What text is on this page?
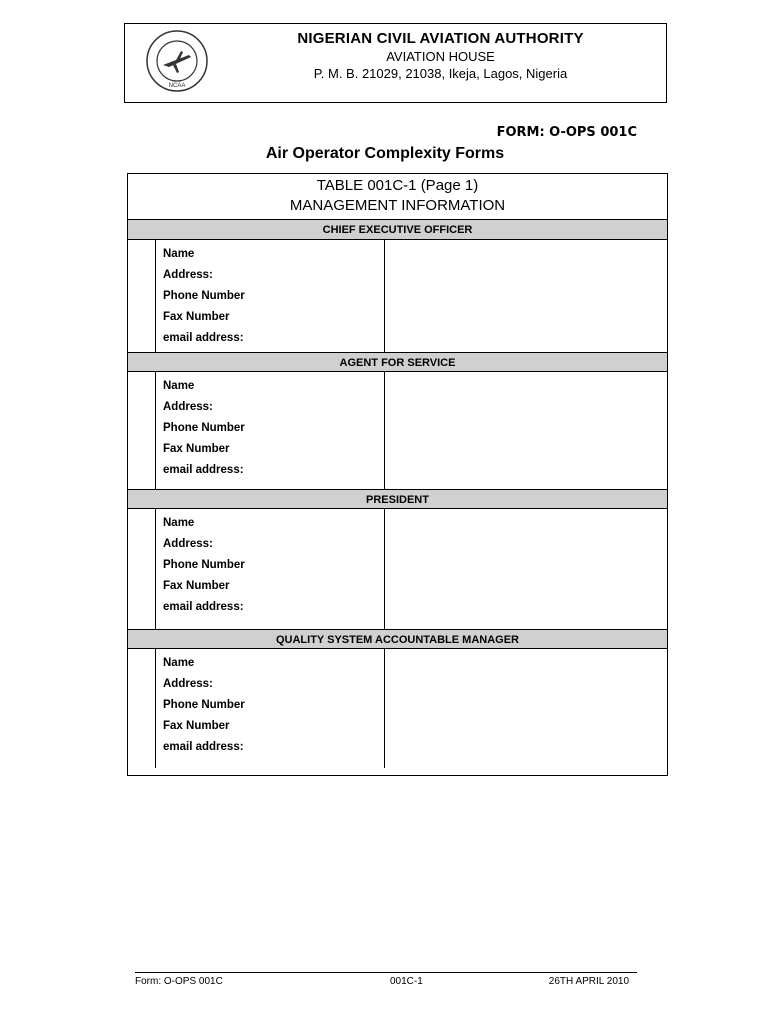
NCAA
NIGERIAN CIVIL AVIATION AUTHORITY
AVIATION HOUSE
P. M. B. 21029, 21038, Ikeja, Lagos, Nigeria
FORM: O-OPS 001C
Air Operator Complexity Forms
TABLE 001C-1 (Page 1)
MANAGEMENT INFORMATION
CHIEF EXECUTIVE OFFICER
Name
Address:
Phone Number
Fax Number
email address:
AGENT FOR SERVICE
Name
Address:
Phone Number
Fax Number
email address:
PRESIDENT
Name
Address:
Phone Number
Fax Number
email address:
QUALITY SYSTEM ACCOUNTABLE MANAGER
Name
Address:
Phone Number
Fax Number
email address:
Form: O-OPS 001C	001C-1	26TH APRIL 2010
